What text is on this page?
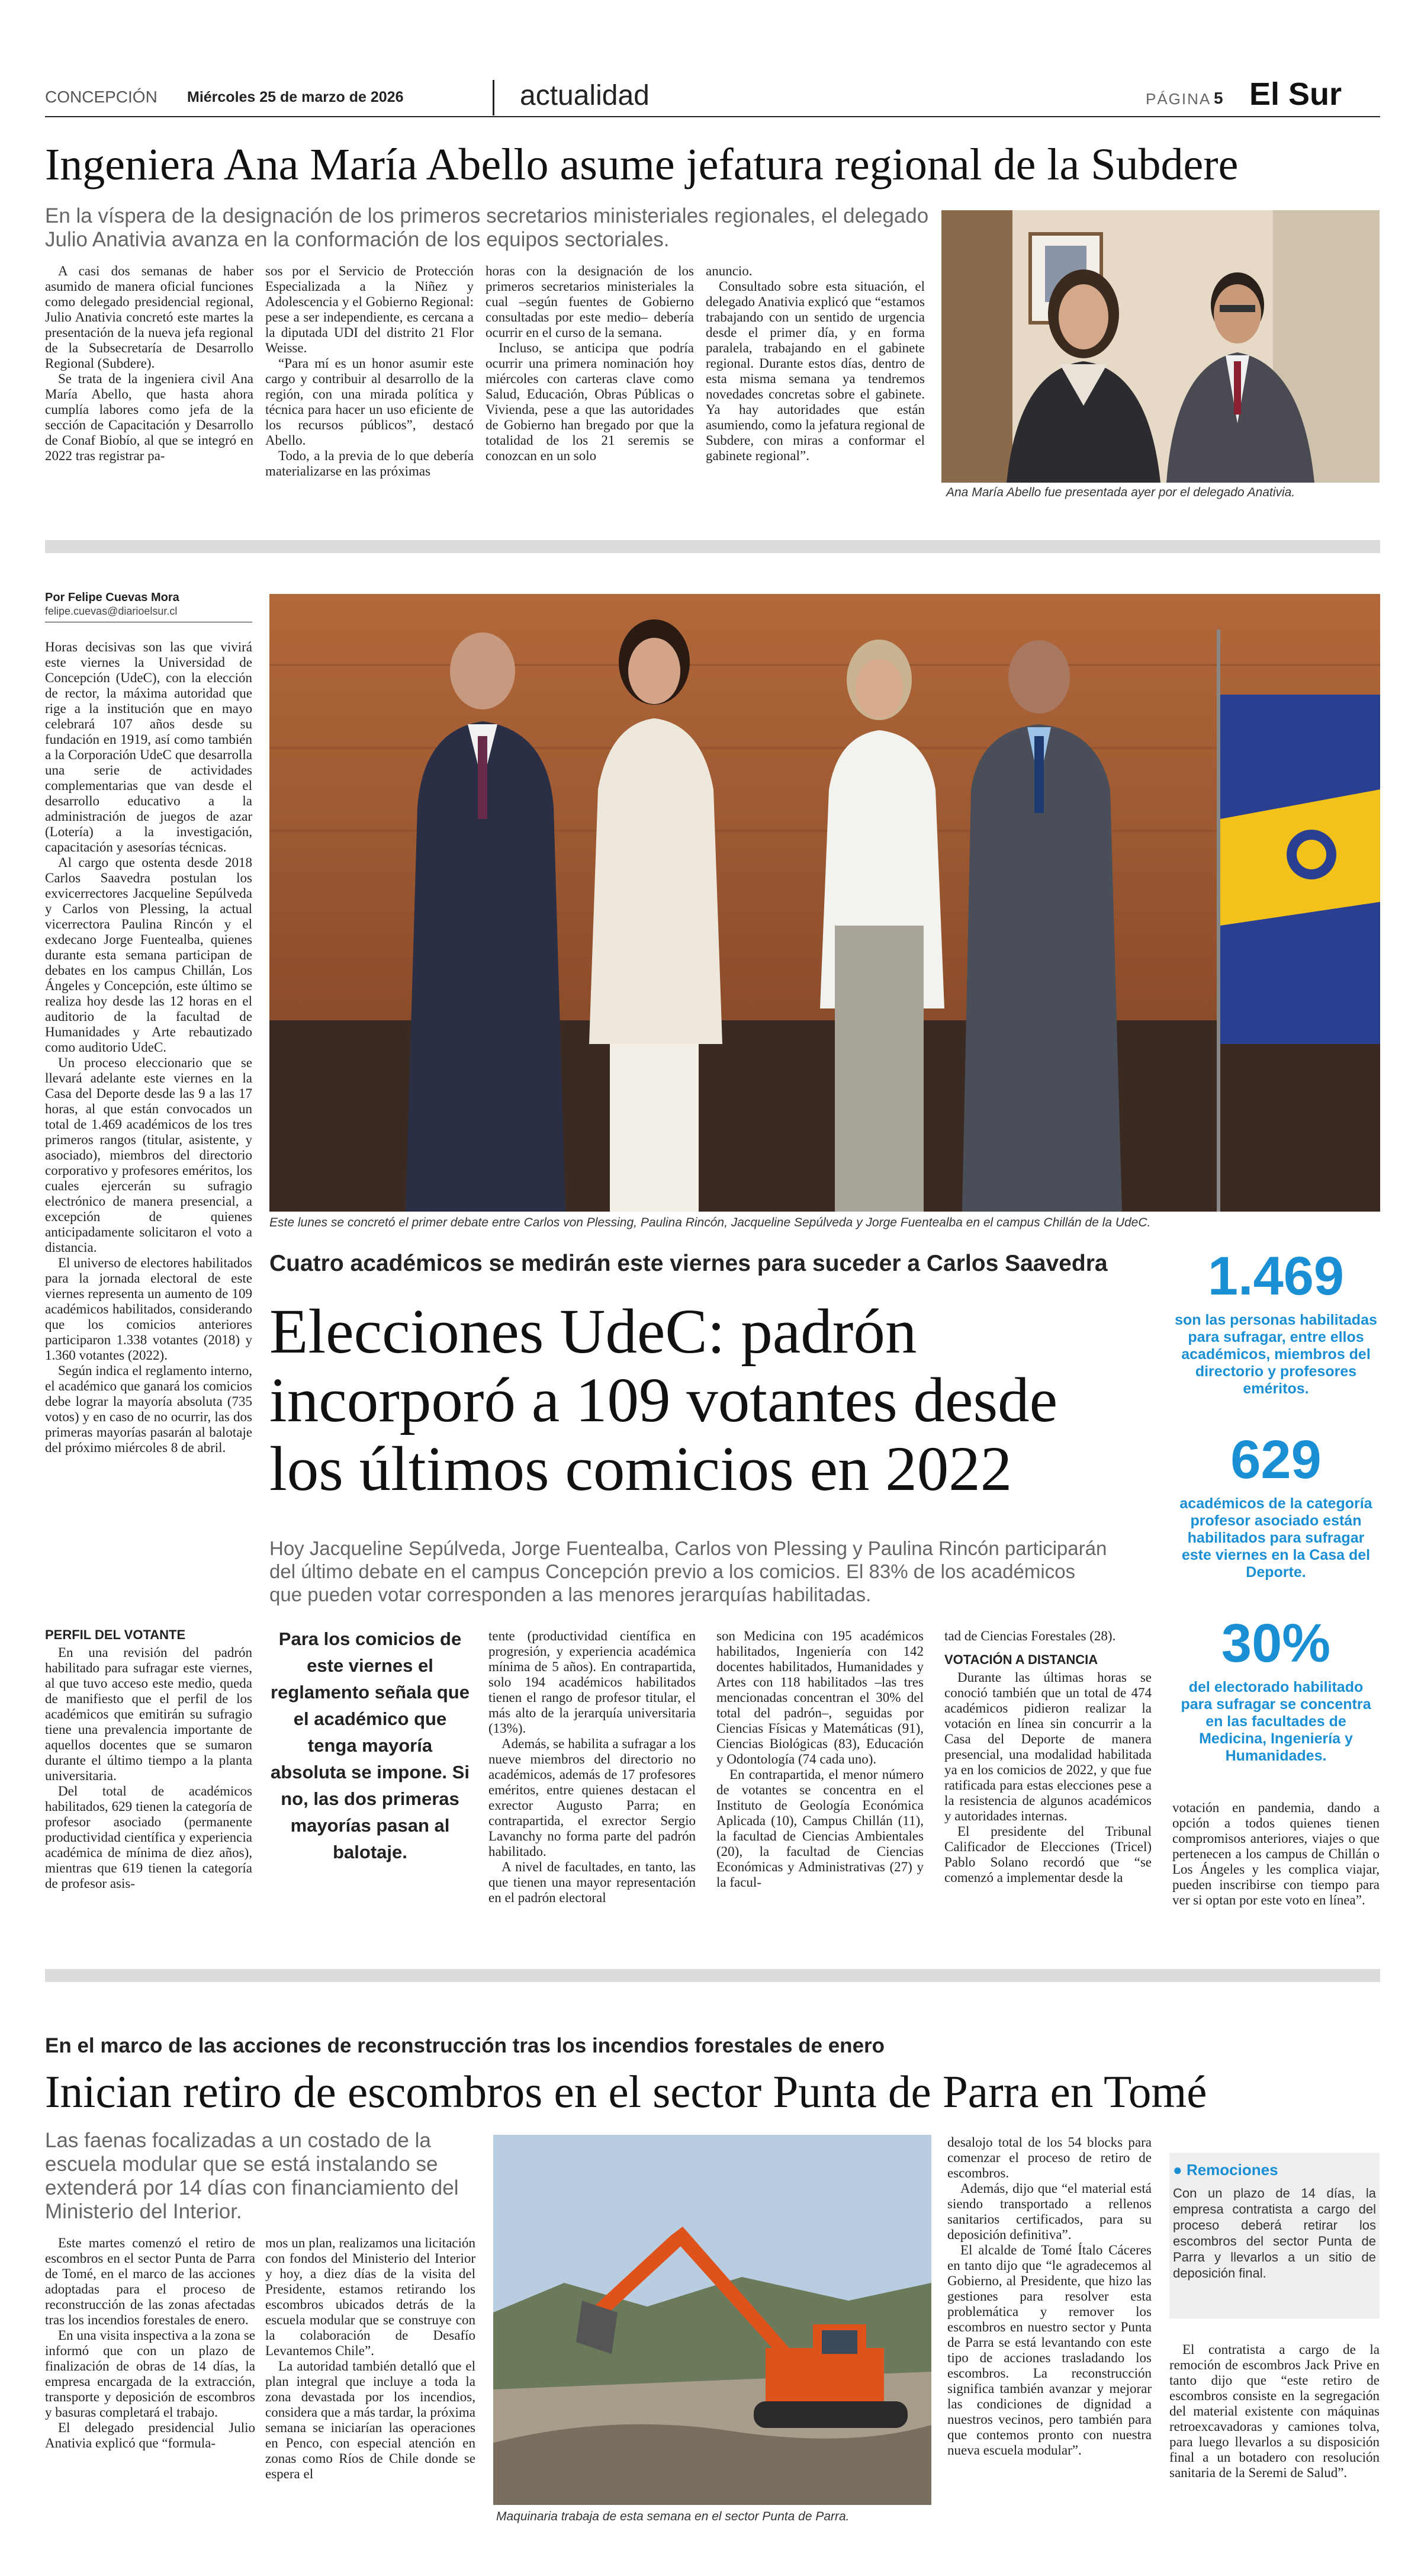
CONCEPCIÓN Miércoles 25 de marzo de 2026	actualidad	PÁGINA 5 El Sur
Ingeniera Ana María Abello asume jefatura regional de la Subdere
En la víspera de la designación de los primeros secretarios ministeriales regionales, el delegado Julio Anativia avanza en la conformación de los equipos sectoriales.

A casi dos semanas de haber asumido de manera oficial funciones como delegado presidencial regional, Julio Anativia concretó este martes la presentación de la nueva jefa regional de la Subsecretaría de Desarrollo Regional (Subdere).

Se trata de la ingeniera civil Ana María Abello, que hasta ahora cumplía labores como jefa de la sección de Capacitación y Desarrollo de Conaf Biobío, al que se integró en 2022 tras registrar pa-

sos por el Servicio de Protección Especializada a la Niñez y Adolescencia y el Gobierno Regional: pese a ser independiente, es cercana a la diputada UDI del distrito 21 Flor Weisse.

“Para mí es un honor asumir este cargo y contribuir al desarrollo de la región, con una mirada política y técnica para hacer un uso eficiente de los recursos públicos”, destacó Abello.

Todo, a la previa de lo que debería materializarse en las próximas

horas con la designación de los primeros secretarios ministeriales la cual –según fuentes de Gobierno consultadas por este medio– debería ocurrir en el curso de la semana.

Incluso, se anticipa que podría ocurrir una primera nominación hoy miércoles con carteras clave como Salud, Educación, Obras Públicas o Vivienda, pese a que las autoridades de Gobierno han bregado por que la totalidad de los 21 seremis se conozcan en un solo

anuncio.

Consultado sobre esta situación, el delegado Anativia explicó que “estamos trabajando con un sentido de urgencia desde el primer día, y en forma paralela, trabajando en el gabinete regional. Durante estos días, dentro de esta misma semana ya tendremos novedades concretas sobre el gabinete. Ya hay autoridades que están asumiendo, como la jefatura regional de Subdere, con miras a conformar el gabinete regional”.

Ana María Abello fue presentada ayer por el delegado Anativia.
Por Felipe Cuevas Mora
felipe.cuevas@diarioelsur.cl

Horas decisivas son las que vivirá este viernes la Universidad de Concepción (UdeC), con la elección de rector, la máxima autoridad que rige a la institución que en mayo celebrará 107 años desde su fundación en 1919, así como también a la Corporación UdeC que desarrolla una serie de actividades complementarias que van desde el desarrollo educativo a la administración de juegos de azar (Lotería) a la investigación, capacitación y asesorías técnicas.

Al cargo que ostenta desde 2018 Carlos Saavedra postulan los exvicerrectores Jacqueline Sepúlveda y Carlos von Plessing, la actual vicerrectora Paulina Rincón y el exdecano Jorge Fuentealba, quienes durante esta semana participan de debates en los campus Chillán, Los Ángeles y Concepción, este último se realiza hoy desde las 12 horas en el auditorio de la facultad de Humanidades y Arte rebautizado como auditorio UdeC.

Un proceso eleccionario que se llevará adelante este viernes en la Casa del Deporte desde las 9 a las 17 horas, al que están convocados un total de 1.469 académicos de los tres primeros rangos (titular, asistente, y asociado), miembros del directorio corporativo y profesores eméritos, los cuales ejercerán su sufragio electrónico de manera presencial, a excepción de quienes anticipadamente solicitaron el voto a distancia.

El universo de electores habilitados para la jornada electoral de este viernes representa un aumento de 109 académicos habilitados, considerando que los comicios anteriores participaron 1.338 votantes (2018) y 1.360 votantes (2022).

Según indica el reglamento interno, el académico que ganará los comicios debe lograr la mayoría absoluta (735 votos) y en caso de no ocurrir, las dos primeras mayorías pasarán al balotaje del próximo miércoles 8 de abril.

Este lunes se concretó el primer debate entre Carlos von Plessing, Paulina Rincón, Jacqueline Sepúlveda y Jorge Fuentealba en el campus Chillán de la UdeC.
Cuatro académicos se medirán este viernes para suceder a Carlos Saavedra
Elecciones UdeC: padrón
incorporó a 109 votantes desde
los últimos comicios en 2022
Hoy Jacqueline Sepúlveda, Jorge Fuentealba, Carlos von Plessing y Paulina Rincón participarán del último debate en el campus Concepción previo a los comicios. El 83% de los académicos que pueden votar corresponden a las menores jerarquías habilitadas.
1.469
son las personas habilitadas para sufragar, entre ellos académicos, miembros del directorio y profesores eméritos.
629
académicos de la categoría profesor asociado están habilitados para sufragar este viernes en la Casa del Deporte.
30%
del electorado habilitado para sufragar se concentra en las facultades de Medicina, Ingeniería y Humanidades.
PERFIL DEL VOTANTE

En una revisión del padrón habilitado para sufragar este viernes, al que tuvo acceso este medio, queda de manifiesto que el perfil de los académicos que emitirán su sufragio tiene una prevalencia importante de aquellos docentes que se sumaron durante el último tiempo a la planta universitaria.

Del total de académicos habilitados, 629 tienen la categoría de profesor asociado (permanente productividad científica y experiencia académica de mínima de diez años), mientras que 619 tienen la categoría de profesor asis-

Para los comicios de este viernes el reglamento señala que el académico que tenga mayoría absoluta se impone. Si no, las dos primeras mayorías pasan al balotaje.

tente (productividad científica en progresión, y experiencia académica mínima de 5 años). En contrapartida, solo 194 académicos habilitados tienen el rango de profesor titular, el más alto de la jerarquía universitaria (13%).

Además, se habilita a sufragar a los nueve miembros del directorio no académicos, además de 17 profesores eméritos, entre quienes destacan el exrector Augusto Parra; en contrapartida, el exrector Sergio Lavanchy no forma parte del padrón habilitado.

A nivel de facultades, en tanto, las que tienen una mayor representación en el padrón electoral

son Medicina con 195 académicos habilitados, Ingeniería con 142 docentes habilitados, Humanidades y Artes con 118 habilitados –las tres mencionadas concentran el 30% del total del padrón–, seguidas por Ciencias Físicas y Matemáticas (91), Ciencias Biológicas (83), Educación y Odontología (74 cada uno).

En contrapartida, el menor número de votantes se concentra en el Instituto de Geología Económica Aplicada (10), Campus Chillán (11), la facultad de Ciencias Ambientales (20), la facultad de Ciencias Económicas y Administrativas (27) y la facul-

tad de Ciencias Forestales (28).

VOTACIÓN A DISTANCIA

Durante las últimas horas se conoció también que un total de 474 académicos pidieron realizar la votación en línea sin concurrir a la Casa del Deporte de manera presencial, una modalidad habilitada ya en los comicios de 2022, y que fue ratificada para estas elecciones pese a la resistencia de algunos académicos y autoridades internas.

El presidente del Tribunal Calificador de Elecciones (Tricel) Pablo Solano recordó que “se comenzó a implementar desde la

votación en pandemia, dando a opción a todos quienes tienen compromisos anteriores, viajes o que pertenecen a los campus de Chillán o Los Ángeles y les complica viajar, pueden inscribirse con tiempo para ver si optan por este voto en línea”.

En el marco de las acciones de reconstrucción tras los incendios forestales de enero
Inician retiro de escombros en el sector Punta de Parra en Tomé
Las faenas focalizadas a un costado de la escuela modular que se está instalando se extenderá por 14 días con financiamiento del Ministerio del Interior.

Este martes comenzó el retiro de escombros en el sector Punta de Parra de Tomé, en el marco de las acciones adoptadas para el proceso de reconstrucción de las zonas afectadas tras los incendios forestales de enero.

En una visita inspectiva a la zona se informó que con un plazo de finalización de obras de 14 días, la empresa encargada de la extracción, transporte y deposición de escombros y basuras completará el trabajo.

El delegado presidencial Julio Anativia explicó que “formula-

mos un plan, realizamos una licitación con fondos del Ministerio del Interior y hoy, a diez días de la visita del Presidente, estamos retirando los escombros ubicados detrás de la escuela modular que se construye con la colaboración de Desafío Levantemos Chile”.

La autoridad también detalló que el plan integral que incluye a toda la zona devastada por los incendios, considera que a más tardar, la próxima semana se iniciarían las operaciones en Penco, con especial atención en zonas como Ríos de Chile donde se espera el

Maquinaria trabaja de esta semana en el sector Punta de Parra.

desalojo total de los 54 blocks para comenzar el proceso de retiro de escombros.

Además, dijo que “el material está siendo transportado a rellenos sanitarios certificados, para su deposición definitiva”.

El alcalde de Tomé Ítalo Cáceres en tanto dijo que “le agradecemos al Gobierno, al Presidente, que hizo las gestiones para resolver esta problemática y remover los escombros en nuestro sector y Punta de Parra se está levantando con este tipo de acciones trasladando los escombros. La reconstrucción significa también avanzar y mejorar las condiciones de dignidad a nuestros vecinos, pero también para que contemos pronto con nuestra nueva escuela modular”.

● Remociones
Con un plazo de 14 días, la empresa contratista a cargo del proceso deberá retirar los escombros del sector Punta de Parra y llevarlos a un sitio de deposición final.

El contratista a cargo de la remoción de escombros Jack Prive en tanto dijo que “este retiro de escombros consiste en la segregación del material existente con máquinas retroexcavadoras y camiones tolva, para luego llevarlos a su disposición final a un botadero con resolución sanitaria de la Seremi de Salud”.
